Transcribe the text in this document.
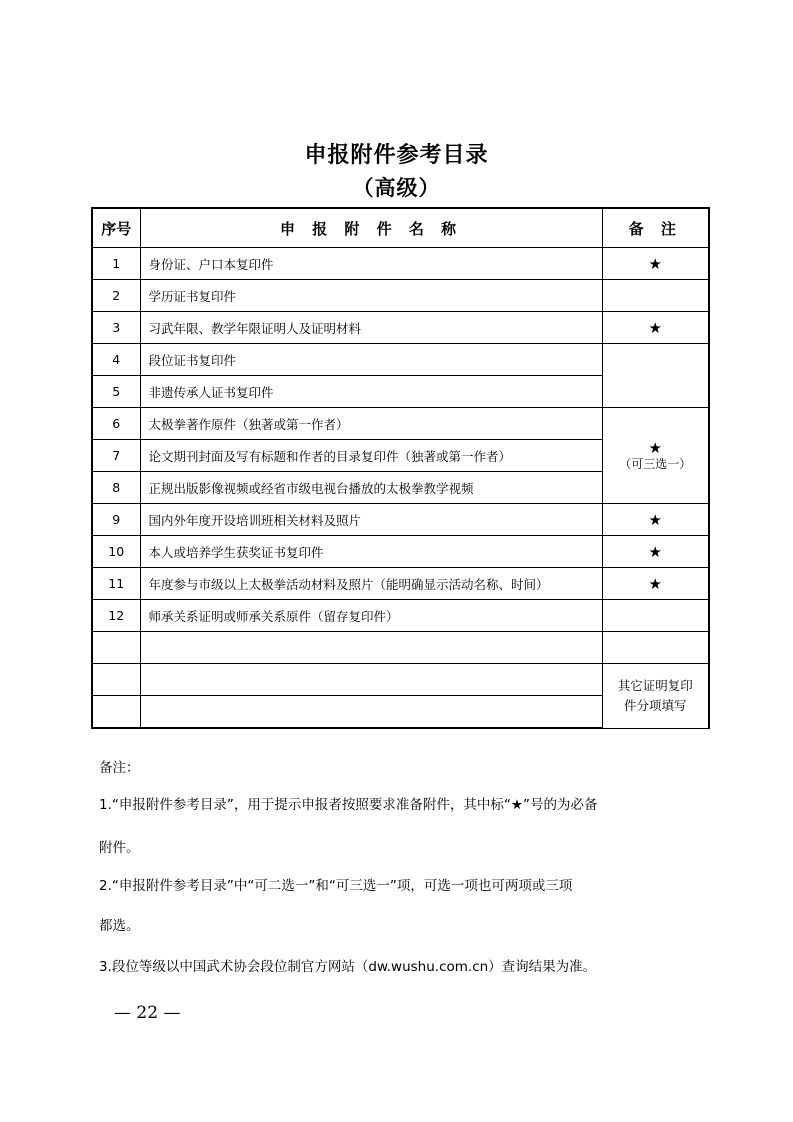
申报附件参考目录
（高级）
序号	申 报 附 件 名 称	备 注
1	身份证、户口本复印件	★
2	学历证书复印件	
3	习武年限、教学年限证明人及证明材料	★
4	段位证书复印件	
5	非遗传承人证书复印件	
6	太极拳著作原件（独著或第一作者）	★
（可三选一）

7	论文期刊封面及写有标题和作者的目录复印件（独著或第一作者）	
8	正规出版影像视频或经省市级电视台播放的太极拳教学视频	
9	国内外年度开设培训班相关材料及照片	★
10	本人或培养学生获奖证书复印件	★
11	年度参与市级以上太极拳活动材料及照片（能明确显示活动名称、时间）	★
12	师承关系证明或师承关系原件（留存复印件）	

		其它证明复印
件分项填写

备注：
1.“申报附件参考目录”，用于提示申报者按照要求准备附件，其中标“★”号的为必备
附件。
2.“申报附件参考目录”中“可二选一”和“可三选一”项，可选一项也可两项或三项
都选。
3.段位等级以中国武术协会段位制官方网站（dw.wushu.com.cn）查询结果为准。
— 22 —
